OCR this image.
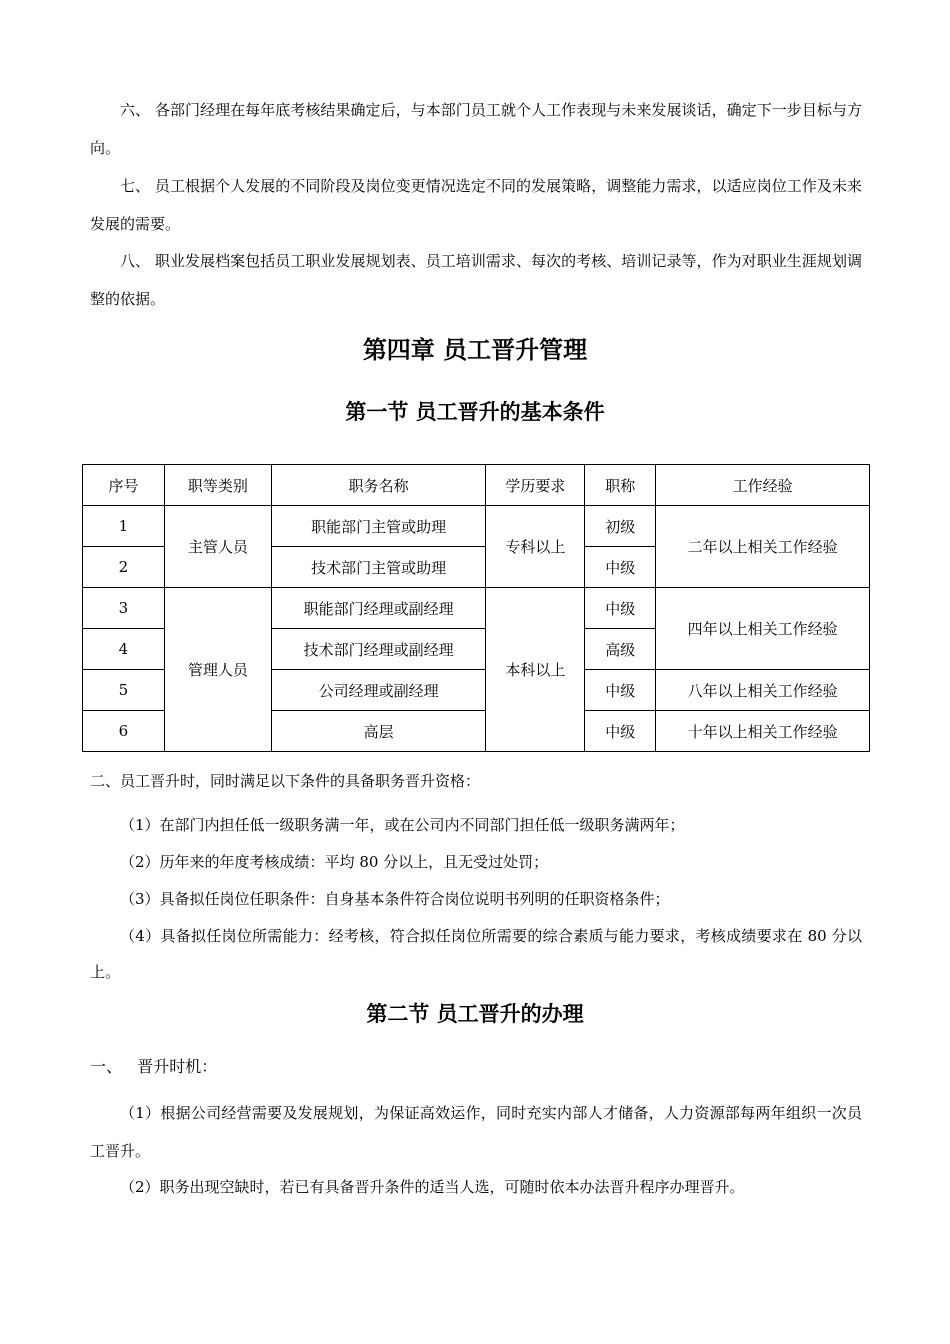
六、 各部门经理在每年底考核结果确定后，与本部门员工就个人工作表现与未来发展谈话，确定下一步目标与方向。

七、 员工根据个人发展的不同阶段及岗位变更情况选定不同的发展策略，调整能力需求，以适应岗位工作及未来发展的需要。

八、 职业发展档案包括员工职业发展规划表、员工培训需求、每次的考核、培训记录等，作为对职业生涯规划调整的依据。

第四章 员工晋升管理
第一节 员工晋升的基本条件
序号	职等类别	职务名称	学历要求	职称	工作经验
1	主管人员	职能部门主管或助理	专科以上	初级	二年以上相关工作经验
2		技术部门主管或助理		中级	
3	管理人员	职能部门经理或副经理	本科以上	中级	四年以上相关工作经验
4		技术部门经理或副经理		高级	
5		公司经理或副经理		中级	八年以上相关工作经验
6		高层		中级	十年以上相关工作经验

二、员工晋升时，同时满足以下条件的具备职务晋升资格：

（1）在部门内担任低一级职务满一年，或在公司内不同部门担任低一级职务满两年；

（2）历年来的年度考核成绩：平均 80 分以上，且无受过处罚；

（3）具备拟任岗位任职条件：自身基本条件符合岗位说明书列明的任职资格条件；

（4）具备拟任岗位所需能力：经考核，符合拟任岗位所需要的综合素质与能力要求，考核成绩要求在 80 分以上。

第二节 员工晋升的办理

一、   晋升时机：

（1）根据公司经营需要及发展规划，为保证高效运作，同时充实内部人才储备，人力资源部每两年组织一次员工晋升。

（2）职务出现空缺时，若已有具备晋升条件的适当人选，可随时依本办法晋升程序办理晋升。
